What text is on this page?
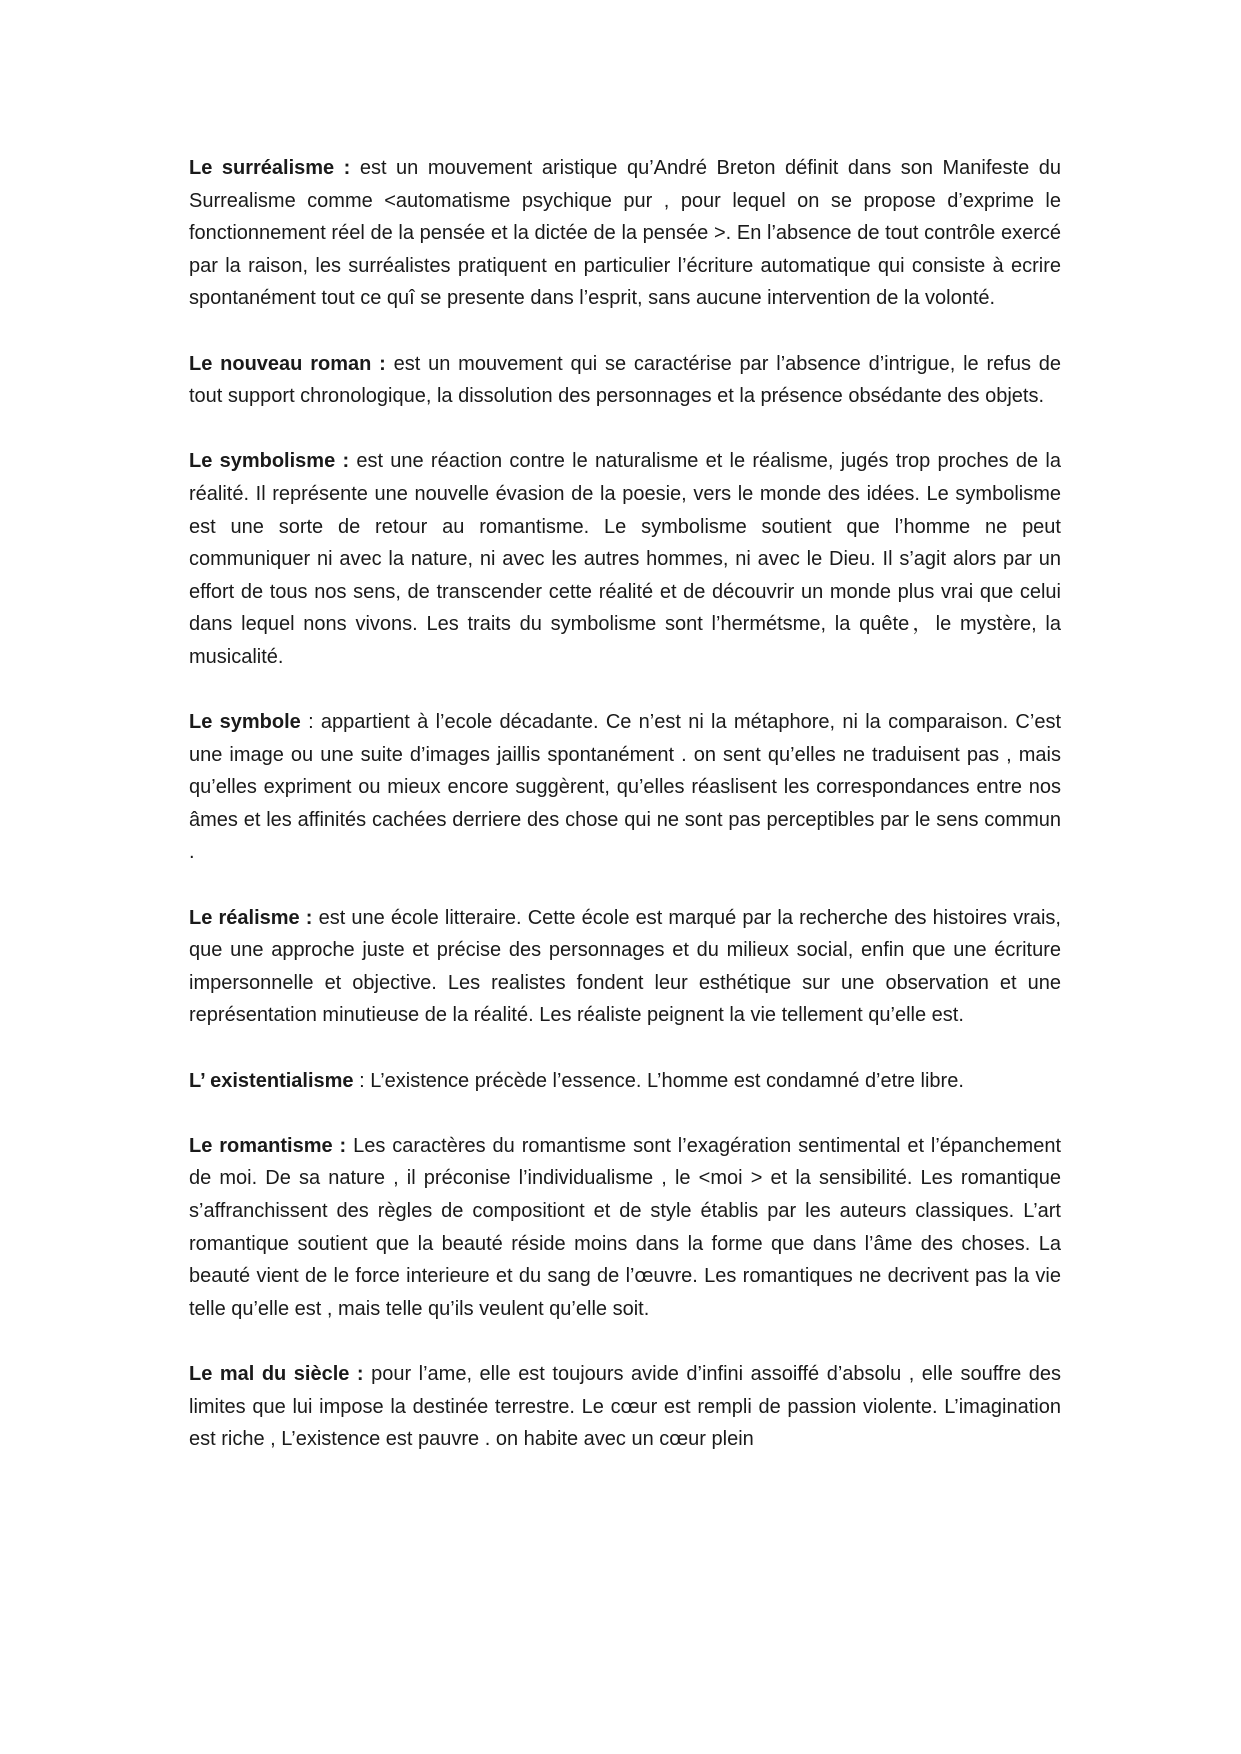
Le surréalisme : est un mouvement aristique qu’André Breton définit dans son Manifeste du Surrealisme comme <automatisme psychique pur , pour lequel on se propose d’exprime le fonctionnement réel de la pensée et la dictée de la pensée >. En l’absence de tout contrôle exercé par la raison, les surréalistes pratiquent en particulier l’écriture automatique qui consiste à ecrire spontanément tout ce quî se presente dans l’esprit, sans aucune intervention de la volonté.

Le nouveau roman : est un mouvement qui se caractérise par l’absence d’intrigue, le refus de tout support chronologique, la dissolution des personnages et la présence obsédante des objets.

Le symbolisme : est une réaction contre le naturalisme et le réalisme, jugés trop proches de la réalité. Il représente une nouvelle évasion de la poesie, vers le monde des idées. Le symbolisme est une sorte de retour au romantisme. Le symbolisme soutient que l’homme ne peut communiquer ni avec la nature, ni avec les autres hommes, ni avec le Dieu. Il s’agit alors par un effort de tous nos sens, de transcender cette réalité et de découvrir un monde plus vrai que celui dans lequel nons vivons. Les traits du symbolisme sont l’hermétsme, la quête，le mystère, la musicalité.

Le symbole : appartient à l’ecole décadante. Ce n’est ni la métaphore, ni la comparaison. C’est une image ou une suite d’images jaillis spontanément . on sent qu’elles ne traduisent pas , mais qu’elles expriment ou mieux encore suggèrent, qu’elles réaslisent les correspondances entre nos âmes et les affinités cachées derriere des chose qui ne sont pas perceptibles par le sens commun .

Le réalisme : est une école litteraire. Cette école est marqué par la recherche des histoires vrais, que une approche juste et précise des personnages et du milieux social, enfin que une écriture impersonnelle et objective. Les realistes fondent leur esthétique sur une observation et une représentation minutieuse de la réalité. Les réaliste peignent la vie tellement qu’elle est.

L’ existentialisme : L’existence précède l’essence. L’homme est condamné d’etre libre.

Le romantisme : Les caractères du romantisme sont l’exagération sentimental et l’épanchement de moi. De sa nature , il préconise l’individualisme , le <moi > et la sensibilité. Les romantique s’affranchissent des règles de compositiont et de style établis par les auteurs classiques. L’art romantique soutient que la beauté réside moins dans la forme que dans l’âme des choses. La beauté vient de le force interieure et du sang de l’œuvre. Les romantiques ne decrivent pas la vie telle qu’elle est , mais telle qu’ils veulent qu’elle soit.

Le mal du siècle : pour l’ame, elle est toujours avide d’infini assoiffé d’absolu , elle souffre des limites que lui impose la destinée terrestre. Le cœur est rempli de passion violente. L’imagination est riche , L’existence est pauvre . on habite avec un cœur plein
